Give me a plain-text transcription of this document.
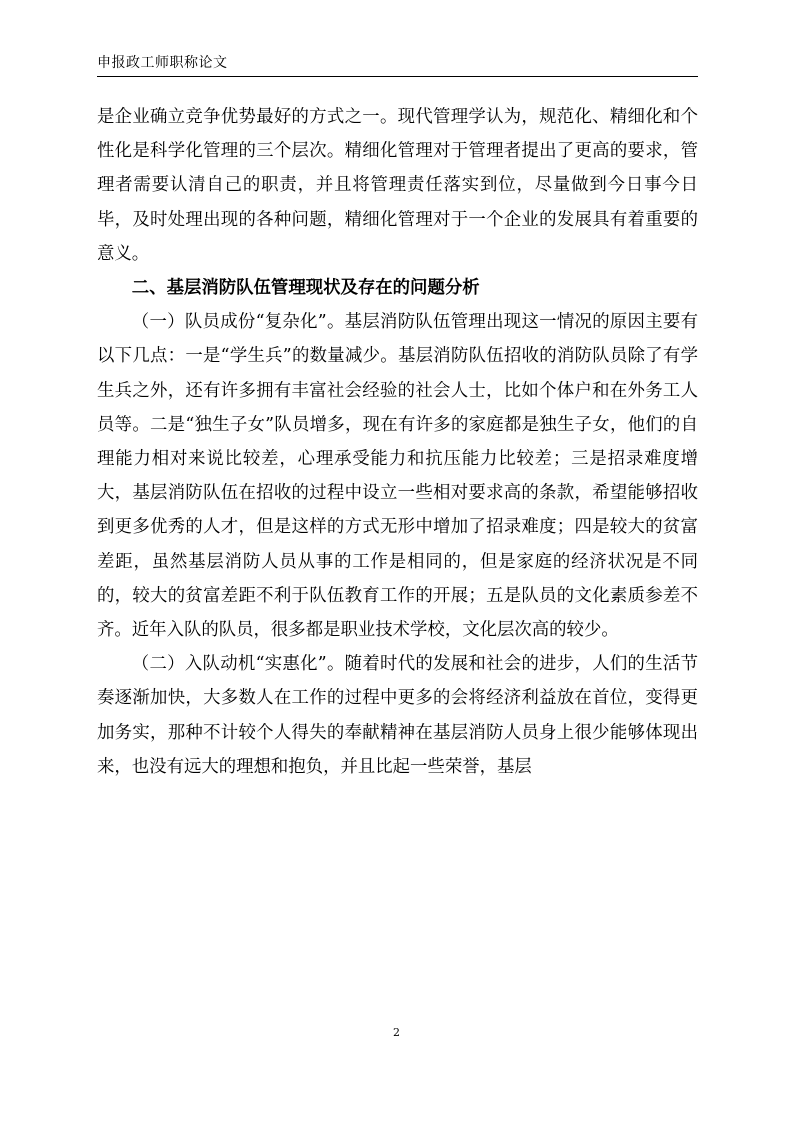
申报政工师职称论文

是企业确立竞争优势最好的方式之一。现代管理学认为，规范化、精细化和个性化是科学化管理的三个层次。精细化管理对于管理者提出了更高的要求，管理者需要认清自己的职责，并且将管理责任落实到位，尽量做到今日事今日毕，及时处理出现的各种问题，精细化管理对于一个企业的发展具有着重要的意义。

二、基层消防队伍管理现状及存在的问题分析

（一）队员成份“复杂化”。基层消防队伍管理出现这一情况的原因主要有以下几点：一是“学生兵”的数量减少。基层消防队伍招收的消防队员除了有学生兵之外，还有许多拥有丰富社会经验的社会人士，比如个体户和在外务工人员等。二是“独生子女”队员增多，现在有许多的家庭都是独生子女，他们的自理能力相对来说比较差，心理承受能力和抗压能力比较差；三是招录难度增大，基层消防队伍在招收的过程中设立一些相对要求高的条款，希望能够招收到更多优秀的人才，但是这样的方式无形中增加了招录难度；四是较大的贫富差距，虽然基层消防人员从事的工作是相同的，但是家庭的经济状况是不同的，较大的贫富差距不利于队伍教育工作的开展；五是队员的文化素质参差不齐。近年入队的队员，很多都是职业技术学校，文化层次高的较少。

（二）入队动机“实惠化”。随着时代的发展和社会的进步，人们的生活节奏逐渐加快，大多数人在工作的过程中更多的会将经济利益放在首位，变得更加务实，那种不计较个人得失的奉献精神在基层消防人员身上很少能够体现出来，也没有远大的理想和抱负，并且比起一些荣誉，基层

2
